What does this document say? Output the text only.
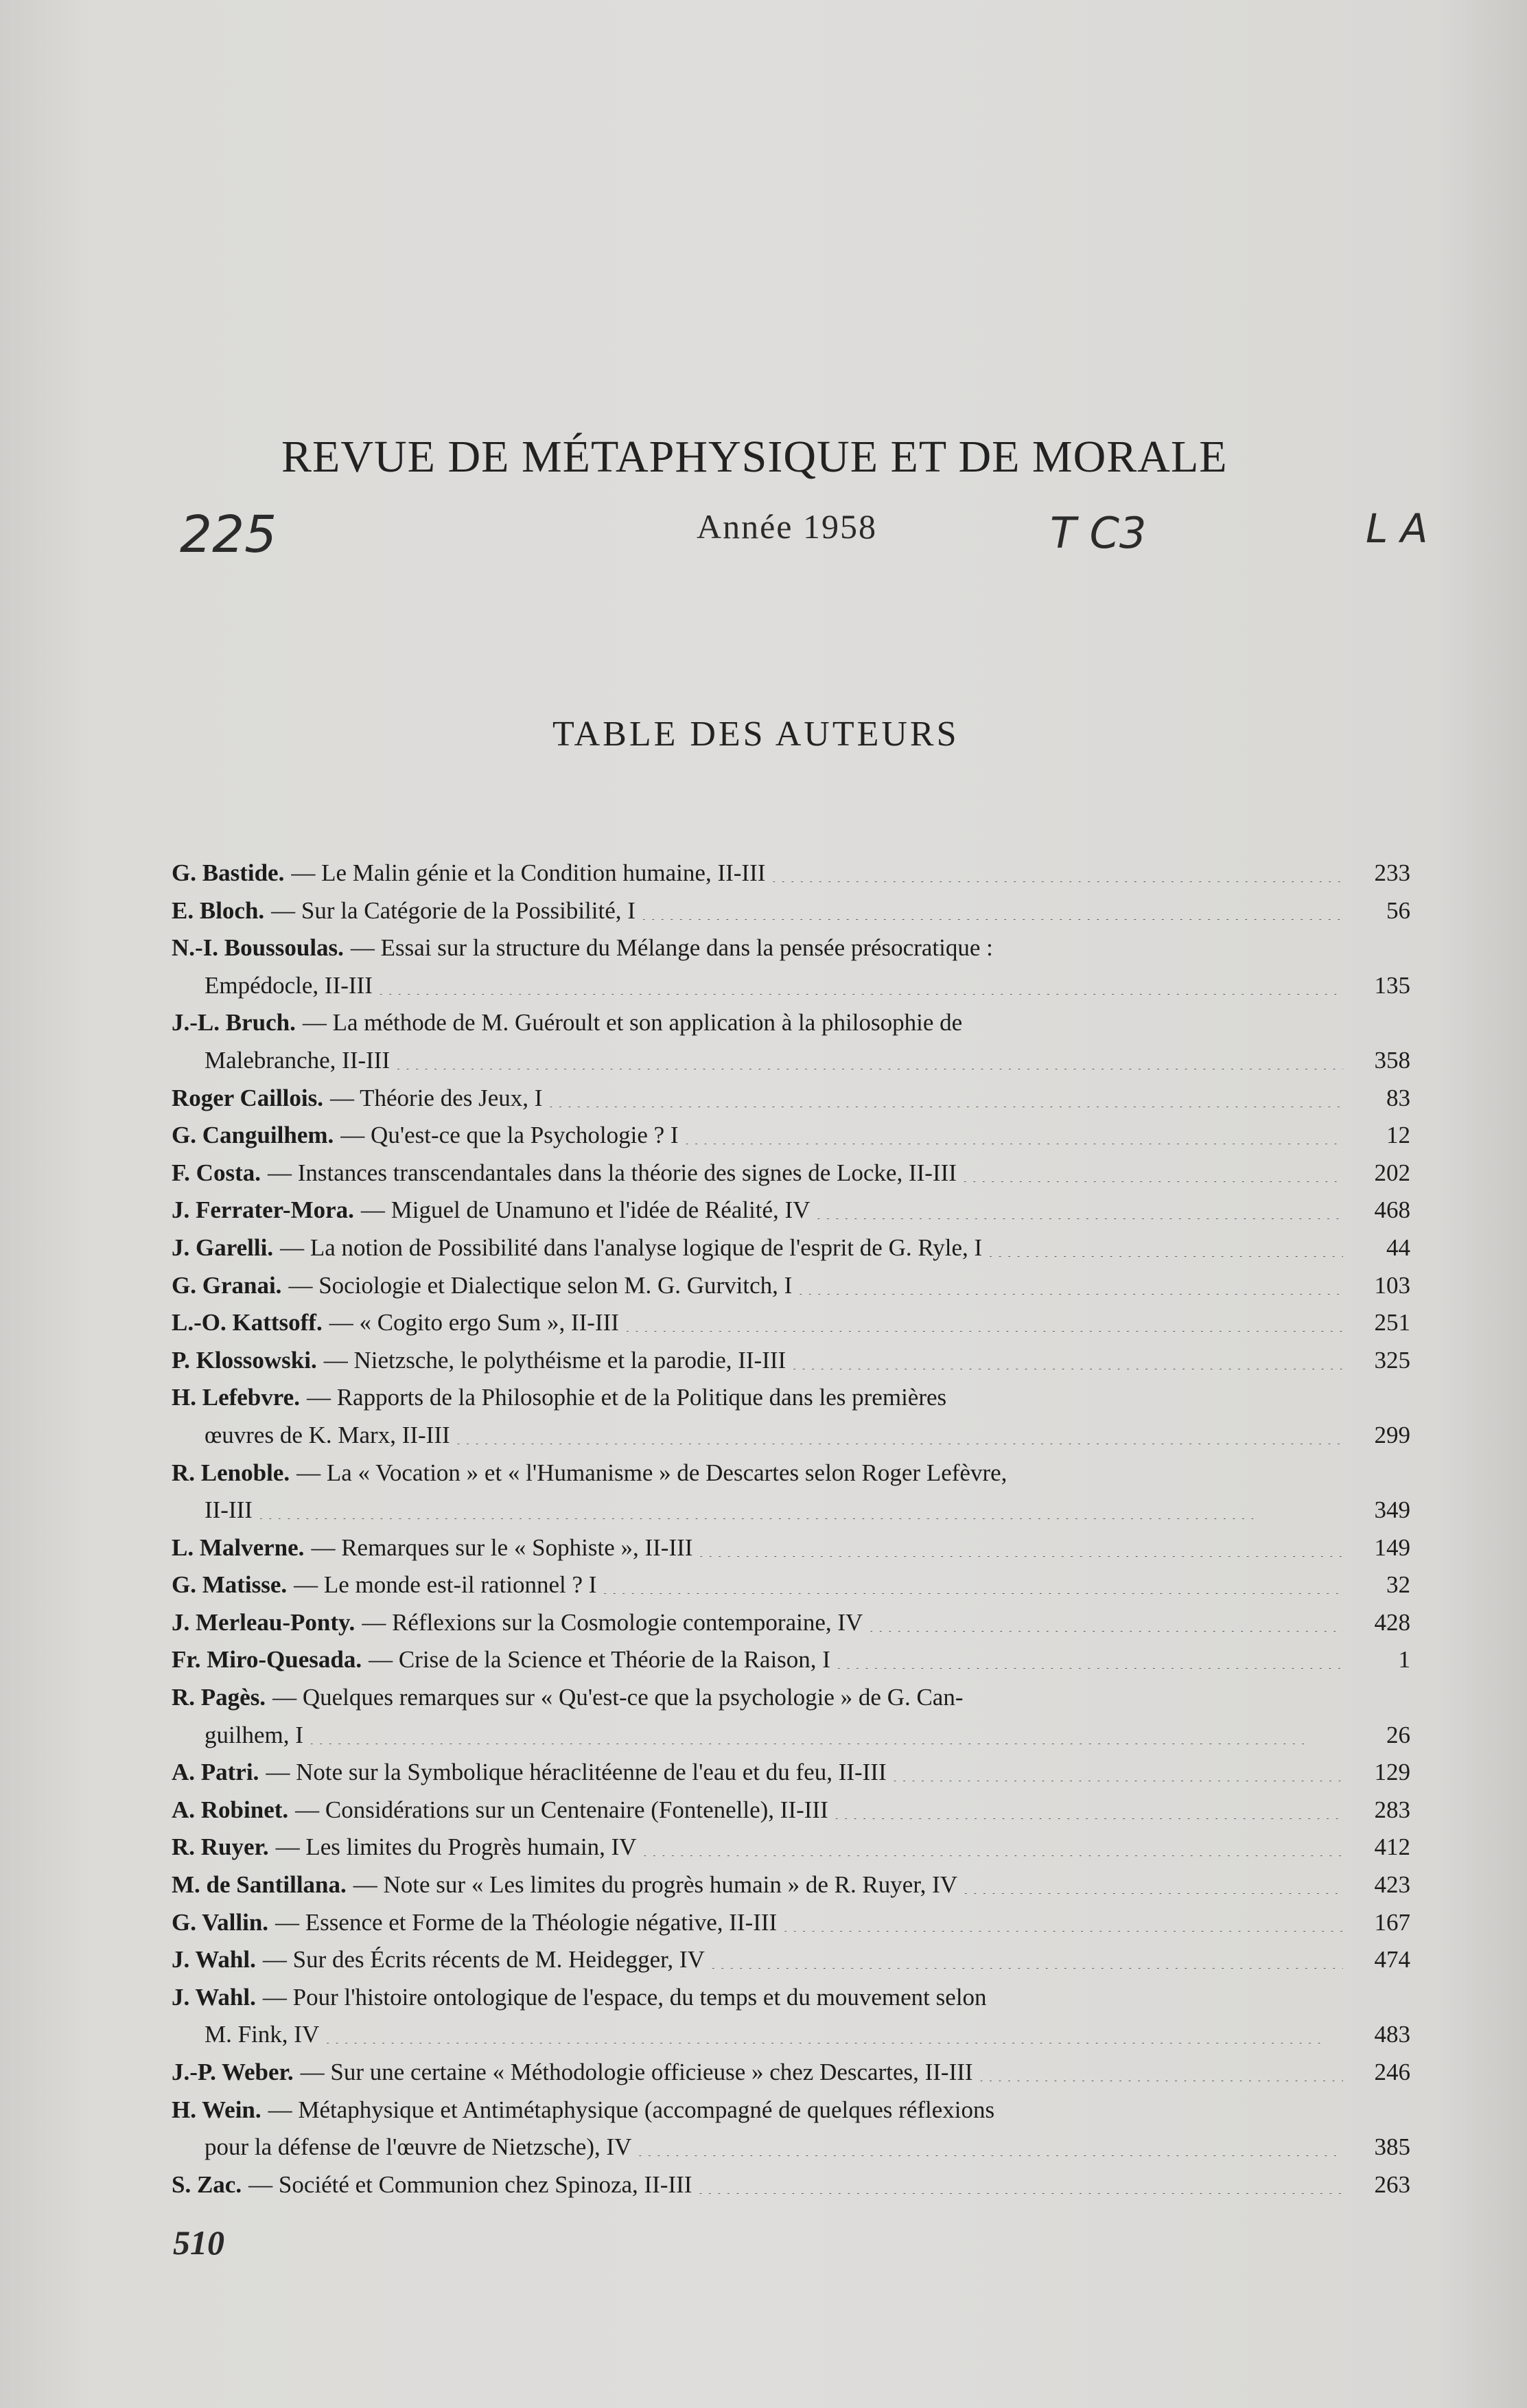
REVUE DE MÉTAPHYSIQUE ET DE MORALE
225	Année 1958	T C3	L A
TABLE DES AUTEURS
G. Bastide. — Le Malin génie et la Condition humaine, II-III . . .	233
E. Bloch. — Sur la Catégorie de la Possibilité, I . . .	56
N.-I. Boussoulas. — Essai sur la structure du Mélange dans la pensée présocratique :
Empédocle, II-III . . .	135
J.-L. Bruch. — La méthode de M. Guéroult et son application à la philosophie de
Malebranche, II-III . . .	358
Roger Caillois. — Théorie des Jeux, I . . .	83
G. Canguilhem. — Qu'est-ce que la Psychologie ? I . . .	12
F. Costa. — Instances transcendantales dans la théorie des signes de Locke, II-III . . .	202
J. Ferrater-Mora. — Miguel de Unamuno et l'idée de Réalité, IV . . .	468
J. Garelli. — La notion de Possibilité dans l'analyse logique de l'esprit de G. Ryle, I . . .	44
G. Granai. — Sociologie et Dialectique selon M. G. Gurvitch, I . . .	103
L.-O. Kattsoff. — « Cogito ergo Sum », II-III . . .	251
P. Klossowski. — Nietzsche, le polythéisme et la parodie, II-III . . .	325
H. Lefebvre. — Rapports de la Philosophie et de la Politique dans les premières
œuvres de K. Marx, II-III . . .	299
R. Lenoble. — La « Vocation » et « l'Humanisme » de Descartes selon Roger Lefèvre,
II-III . . .	349
L. Malverne. — Remarques sur le « Sophiste », II-III . . .	149
G. Matisse. — Le monde est-il rationnel ? I . . .	32
J. Merleau-Ponty. — Réflexions sur la Cosmologie contemporaine, IV . . .	428
Fr. Miro-Quesada. — Crise de la Science et Théorie de la Raison, I . . .	1
R. Pagès. — Quelques remarques sur « Qu'est-ce que la psychologie » de G. Can-
guilhem, I . . .	26
A. Patri. — Note sur la Symbolique héraclitéenne de l'eau et du feu, II-III . . .	129
A. Robinet. — Considérations sur un Centenaire (Fontenelle), II-III . . .	283
R. Ruyer. — Les limites du Progrès humain, IV . . .	412
M. de Santillana. — Note sur « Les limites du progrès humain » de R. Ruyer, IV . . .	423
G. Vallin. — Essence et Forme de la Théologie négative, II-III . . .	167
J. Wahl. — Sur des Écrits récents de M. Heidegger, IV . . .	474
J. Wahl. — Pour l'histoire ontologique de l'espace, du temps et du mouvement selon
M. Fink, IV . . .	483
J.-P. Weber. — Sur une certaine « Méthodologie officieuse » chez Descartes, II-III . . .	246
H. Wein. — Métaphysique et Antimétaphysique (accompagné de quelques réflexions
pour la défense de l'œuvre de Nietzsche), IV . . .	385
S. Zac. — Société et Communion chez Spinoza, II-III . . .	263
510
